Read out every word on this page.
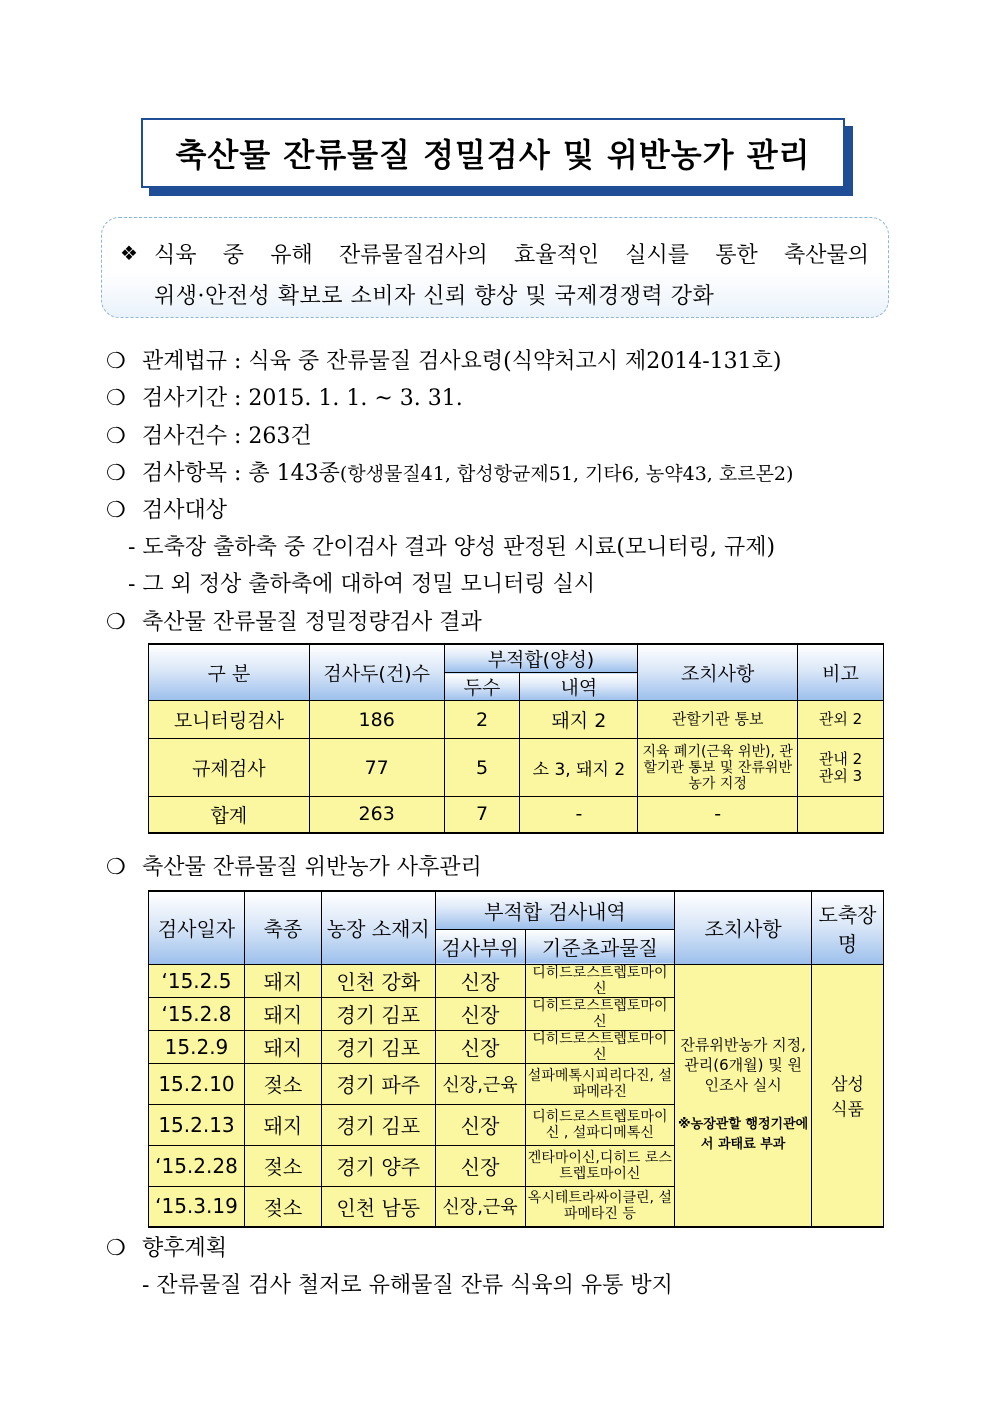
축산물 잔류물질 정밀검사 및 위반농가 관리
❖ 식육 중 유해 잔류물질검사의 효율적인 실시를 통한 축산물의
위생·안전성 확보로 소비자 신뢰 향상 및 국제경쟁력 강화
❍ 관계법규 : 식육 중 잔류물질 검사요령(식약처고시 제2014-131호)
❍ 검사기간 : 2015. 1. 1. ~ 3. 31.
❍ 검사건수 : 263건
❍ 검사항목 : 총 143종(항생물질41, 합성항균제51, 기타6, 농약43, 호르몬2)
❍ 검사대상
- 도축장 출하축 중 간이검사 결과 양성 판정된 시료(모니터링, 규제)
- 그 외 정상 출하축에 대하여 정밀 모니터링 실시
❍ 축산물 잔류물질 정밀정량검사 결과
구 분	검사두(건)수	부적합(양성)		조치사항	비고
		두수	내역		
모니터링검사	186	2	돼지 2	관할기관 통보	관외 2
규제검사	77	5	소 3, 돼지 2	지육 폐기(근육 위반), 관할기관 통보 및 잔류위반농가 지정	관내 2 관외 3
합계	263	7	-	-	
❍ 축산물 잔류물질 위반농가 사후관리
검사일자	축종	농장 소재지	부적합 검사내역		조치사항	도축장 명
			검사부위	기준초과물질		
‘15.2.5	돼지	인천 강화	신장	디히드로스트렙토마이신	잔류위반농가 지정, 관리(6개월) 및 원인조사 실시

※농장관할 행정기관에서 과태료 부과	삼성 식품
‘15.2.8	돼지	경기 김포	신장	디히드로스트렙토마이신		
15.2.9	돼지	경기 김포	신장	디히드로스트렙토마이신		
15.2.10	젖소	경기 파주	신장,근육	설파메톡시피리다진, 설파메라진		
15.2.13	돼지	경기 김포	신장	디히드로스트렙토마이신 , 설파디메톡신		
‘15.2.28	젖소	경기 양주	신장	겐타마이신,디히드 로스트렙토마이신		
‘15.3.19	젖소	인천 남동	신장,근육	옥시테트라싸이클린, 설파메타진 등		
❍ 향후계획
- 잔류물질 검사 철저로 유해물질 잔류 식육의 유통 방지
